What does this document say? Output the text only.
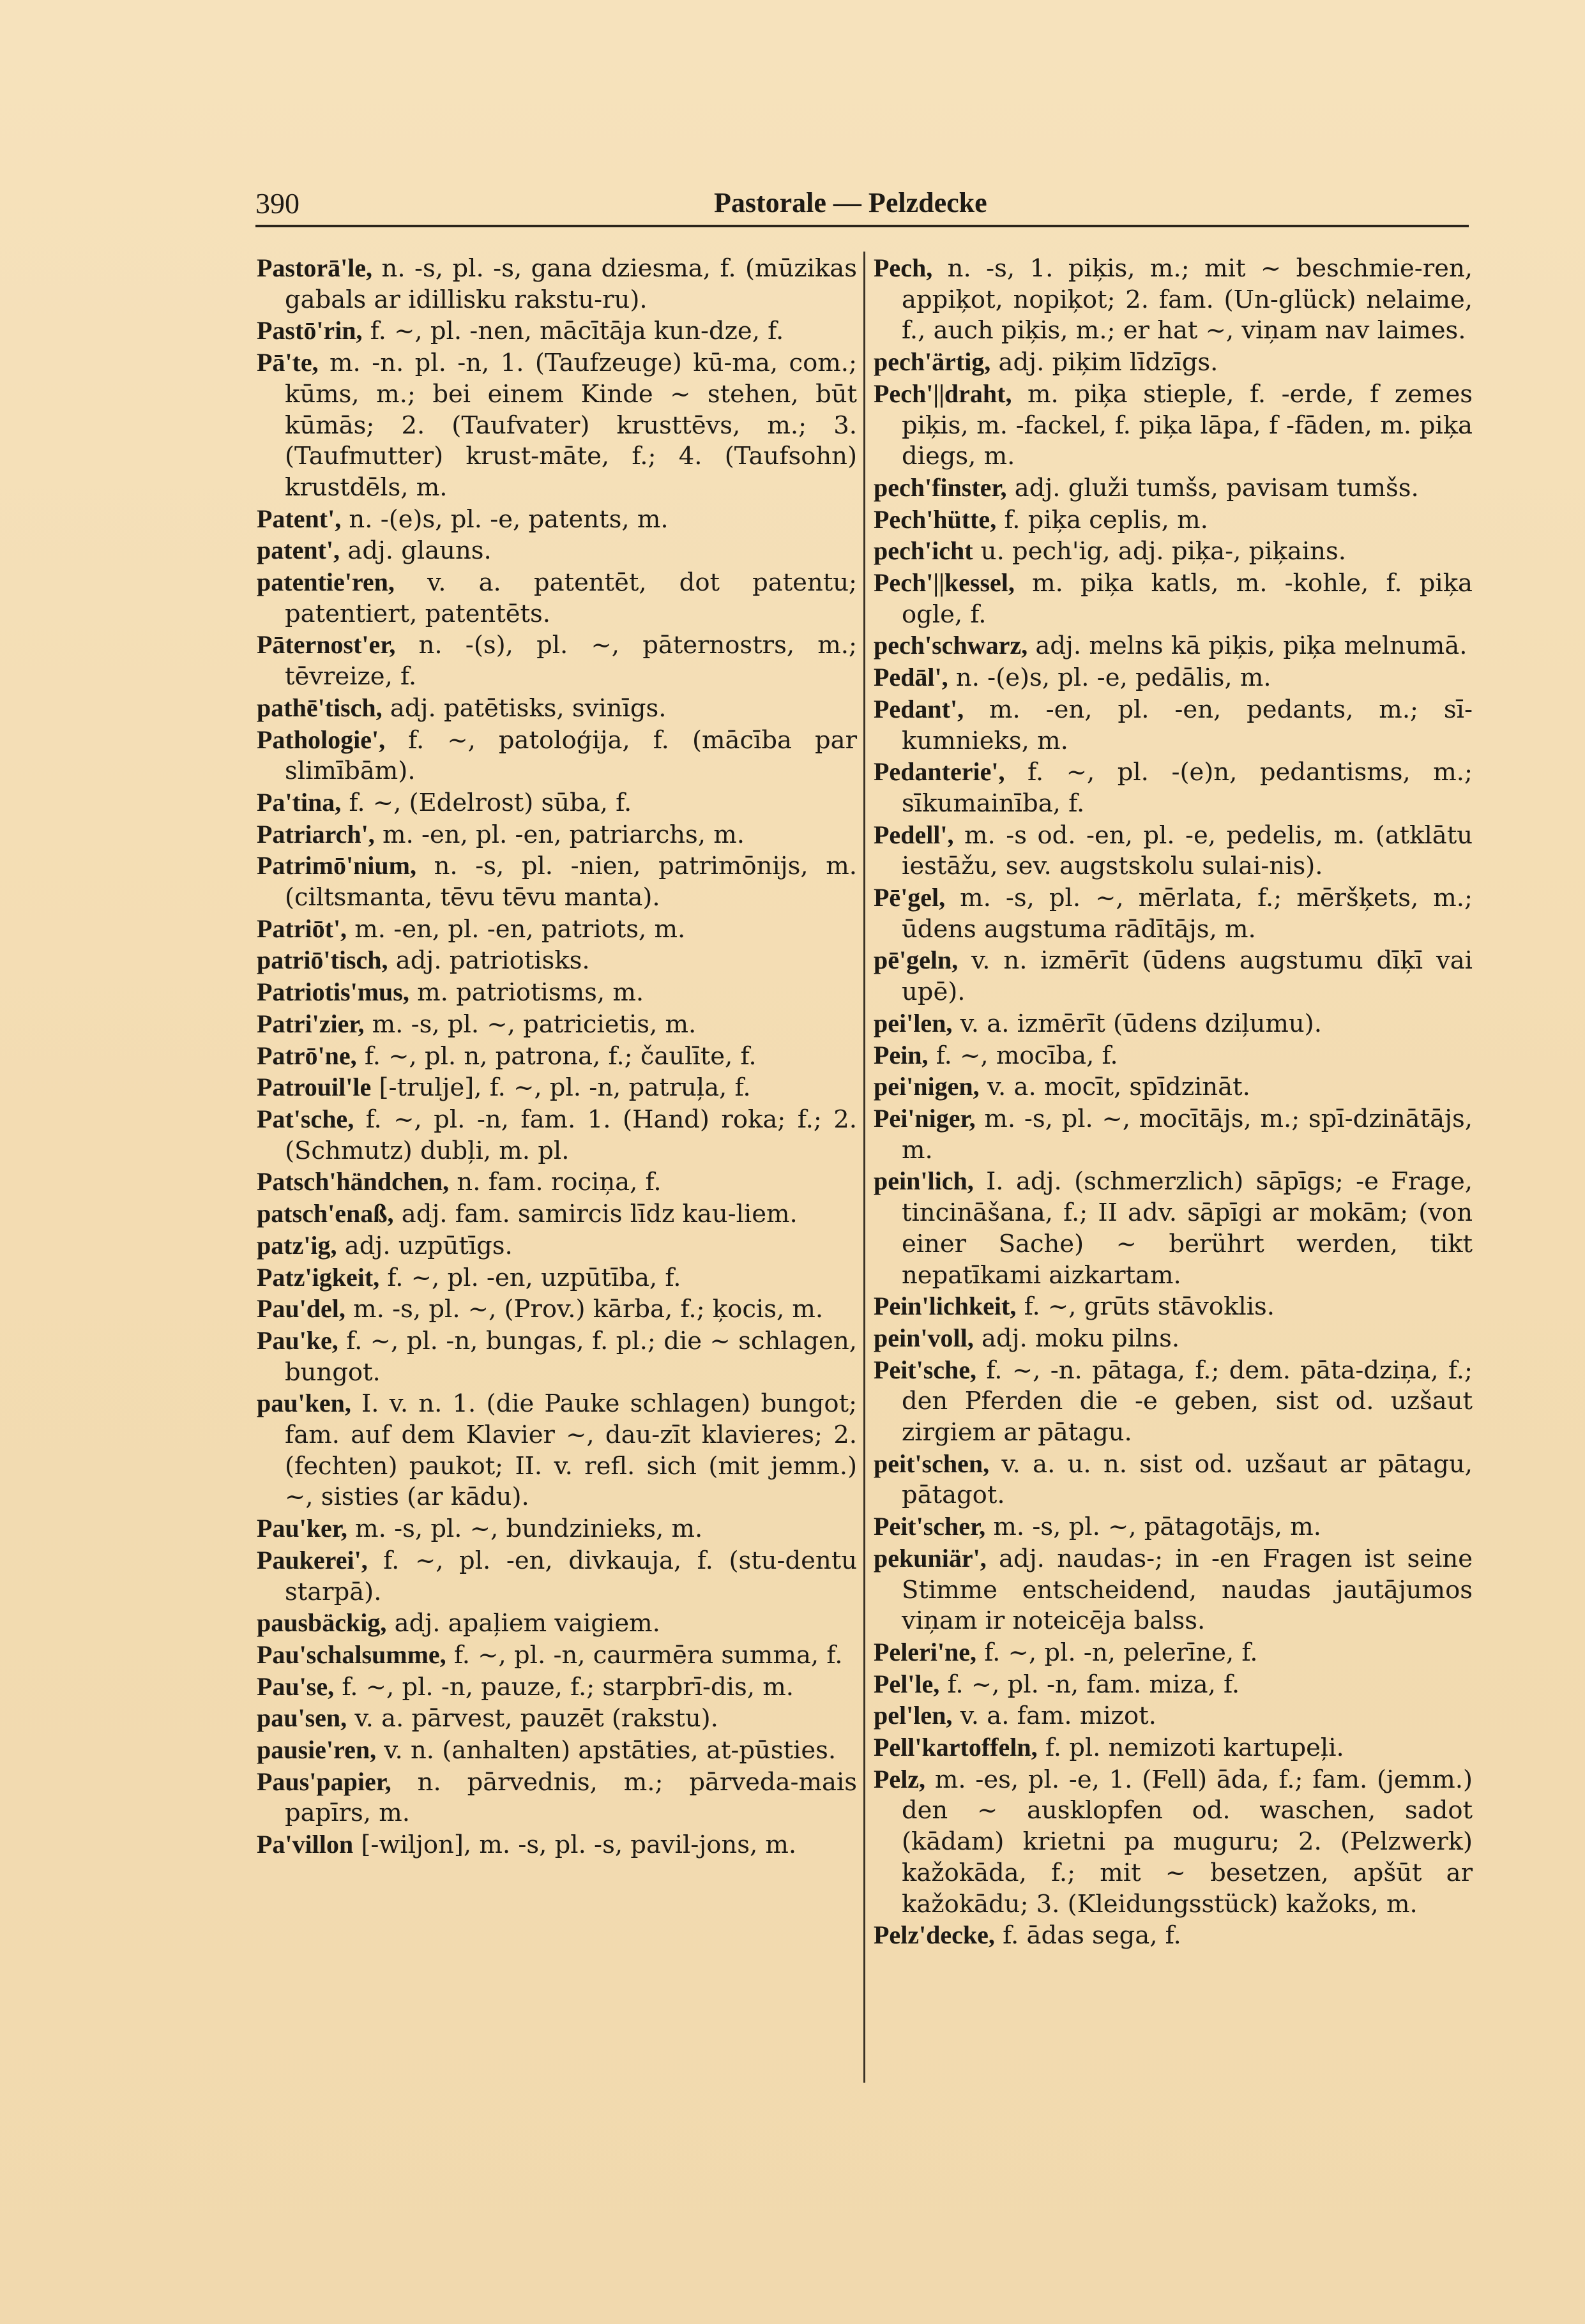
390	Pastorale — Pelzdecke
Pastorā'le, n. -s, pl. -s, gana dziesma, f. (mūzikas gabals ar idillisku rakstu-ru).
Pastō'rin, f. ~, pl. -nen, mācītāja kun-dze, f.
Pā'te, m. -n. pl. -n, 1. (Taufzeuge) kū-ma, com.; kūms, m.; bei einem Kinde ~ stehen, būt kūmās; 2. (Taufvater) krusttēvs, m.; 3. (Taufmutter) krust-māte, f.; 4. (Taufsohn) krustdēls, m.
Patent', n. -(e)s, pl. -e, patents, m.
patent', adj. glauns.
patentie'ren, v. a. patentēt, dot patentu; patentiert, patentēts.
Pāternost'er, n. -(s), pl. ~, pāternostrs, m.; tēvreize, f.
pathē'tisch, adj. patētisks, svinīgs.
Pathologie', f. ~, patoloģija, f. (mācība par slimībām).
Pa'tina, f. ~, (Edelrost) sūba, f.
Patriarch', m. -en, pl. -en, patriarchs, m.
Patrimō'nium, n. -s, pl. -nien, patrimōnijs, m. (ciltsmanta, tēvu tēvu manta).
Patriōt', m. -en, pl. -en, patriots, m.
patriō'tisch, adj. patriotisks.
Patriotis'mus, m. patriotisms, m.
Patri'zier, m. -s, pl. ~, patricietis, m.
Patrō'ne, f. ~, pl. n, patrona, f.; čaulīte, f.
Patrouil'le [-trulje], f. ~, pl. -n, patruļa, f.
Pat'sche, f. ~, pl. -n, fam. 1. (Hand) roka; f.; 2. (Schmutz) dubļi, m. pl.
Patsch'händchen, n. fam. rociņa, f.
patsch'enaß, adj. fam. samircis līdz kau-liem.
patz'ig, adj. uzpūtīgs.
Patz'igkeit, f. ~, pl. -en, uzpūtība, f.
Pau'del, m. -s, pl. ~, (Prov.) kārba, f.; ķocis, m.
Pau'ke, f. ~, pl. -n, bungas, f. pl.; die ~ schlagen, bungot.
pau'ken, I. v. n. 1. (die Pauke schlagen) bungot; fam. auf dem Klavier ~, dau-zīt klavieres; 2. (fechten) paukot; II. v. refl. sich (mit jemm.) ~, sisties (ar kādu).
Pau'ker, m. -s, pl. ~, bundzinieks, m.
Paukerei', f. ~, pl. -en, divkauja, f. (stu-dentu starpā).
pausbäckig, adj. apaļiem vaigiem.
Pau'schalsumme, f. ~, pl. -n, caurmēra summa, f.
Pau'se, f. ~, pl. -n, pauze, f.; starpbrī-dis, m.
pau'sen, v. a. pārvest, pauzēt (rakstu).
pausie'ren, v. n. (anhalten) apstāties, at-pūsties.
Paus'papier, n. pārvednis, m.; pārveda-mais papīrs, m.
Pa'villon [-wiljon], m. -s, pl. -s, pavil-jons, m.
Pech, n. -s, 1. piķis, m.; mit ~ beschmie-ren, appiķot, nopiķot; 2. fam. (Un-glück) nelaime, f., auch piķis, m.; er hat ~, viņam nav laimes.
pech'ärtig, adj. piķim līdzīgs.
Pech'||draht, m. piķa stieple, f. -erde, f zemes piķis, m. -fackel, f. piķa lāpa, f -fāden, m. piķa diegs, m.
pech'finster, adj. gluži tumšs, pavisam tumšs.
Pech'hütte, f. piķa ceplis, m.
pech'icht u. pech'ig, adj. piķa-, piķains.
Pech'||kessel, m. piķa katls, m. -kohle, f. piķa ogle, f.
pech'schwarz, adj. melns kā piķis, piķa melnumā.
Pedāl', n. -(e)s, pl. -e, pedālis, m.
Pedant', m. -en, pl. -en, pedants, m.; sī-kumnieks, m.
Pedanterie', f. ~, pl. -(e)n, pedantisms, m.; sīkumainība, f.
Pedell', m. -s od. -en, pl. -e, pedelis, m. (atklātu iestāžu, sev. augstskolu sulai-nis).
Pē'gel, m. -s, pl. ~, mērlata, f.; mēršķets, m.; ūdens augstuma rādītājs, m.
pē'geln, v. n. izmērīt (ūdens augstumu dīķī vai upē).
pei'len, v. a. izmērīt (ūdens dziļumu).
Pein, f. ~, mocība, f.
pei'nigen, v. a. mocīt, spīdzināt.
Pei'niger, m. -s, pl. ~, mocītājs, m.; spī-dzinātājs, m.
pein'lich, I. adj. (schmerzlich) sāpīgs; -e Frage, tincināšana, f.; II adv. sāpīgi ar mokām; (von einer Sache) ~ berührt werden, tikt nepatīkami aizkartam.
Pein'lichkeit, f. ~, grūts stāvoklis.
pein'voll, adj. moku pilns.
Peit'sche, f. ~, -n. pātaga, f.; dem. pāta-dziņa, f.; den Pferden die -e geben, sist od. uzšaut zirgiem ar pātagu.
peit'schen, v. a. u. n. sist od. uzšaut ar pātagu, pātagot.
Peit'scher, m. -s, pl. ~, pātagotājs, m.
pekuniär', adj. naudas-; in -en Fragen ist seine Stimme entscheidend, naudas jautājumos viņam ir noteicēja balss.
Peleri'ne, f. ~, pl. -n, pelerīne, f.
Pel'le, f. ~, pl. -n, fam. miza, f.
pel'len, v. a. fam. mizot.
Pell'kartoffeln, f. pl. nemizoti kartupeļi.
Pelz, m. -es, pl. -e, 1. (Fell) āda, f.; fam. (jemm.) den ~ ausklopfen od. waschen, sadot (kādam) krietni pa muguru; 2. (Pelzwerk) kažokāda, f.; mit ~ besetzen, apšūt ar kažokādu; 3. (Kleidungsstück) kažoks, m.
Pelz'decke, f. ādas sega, f.
